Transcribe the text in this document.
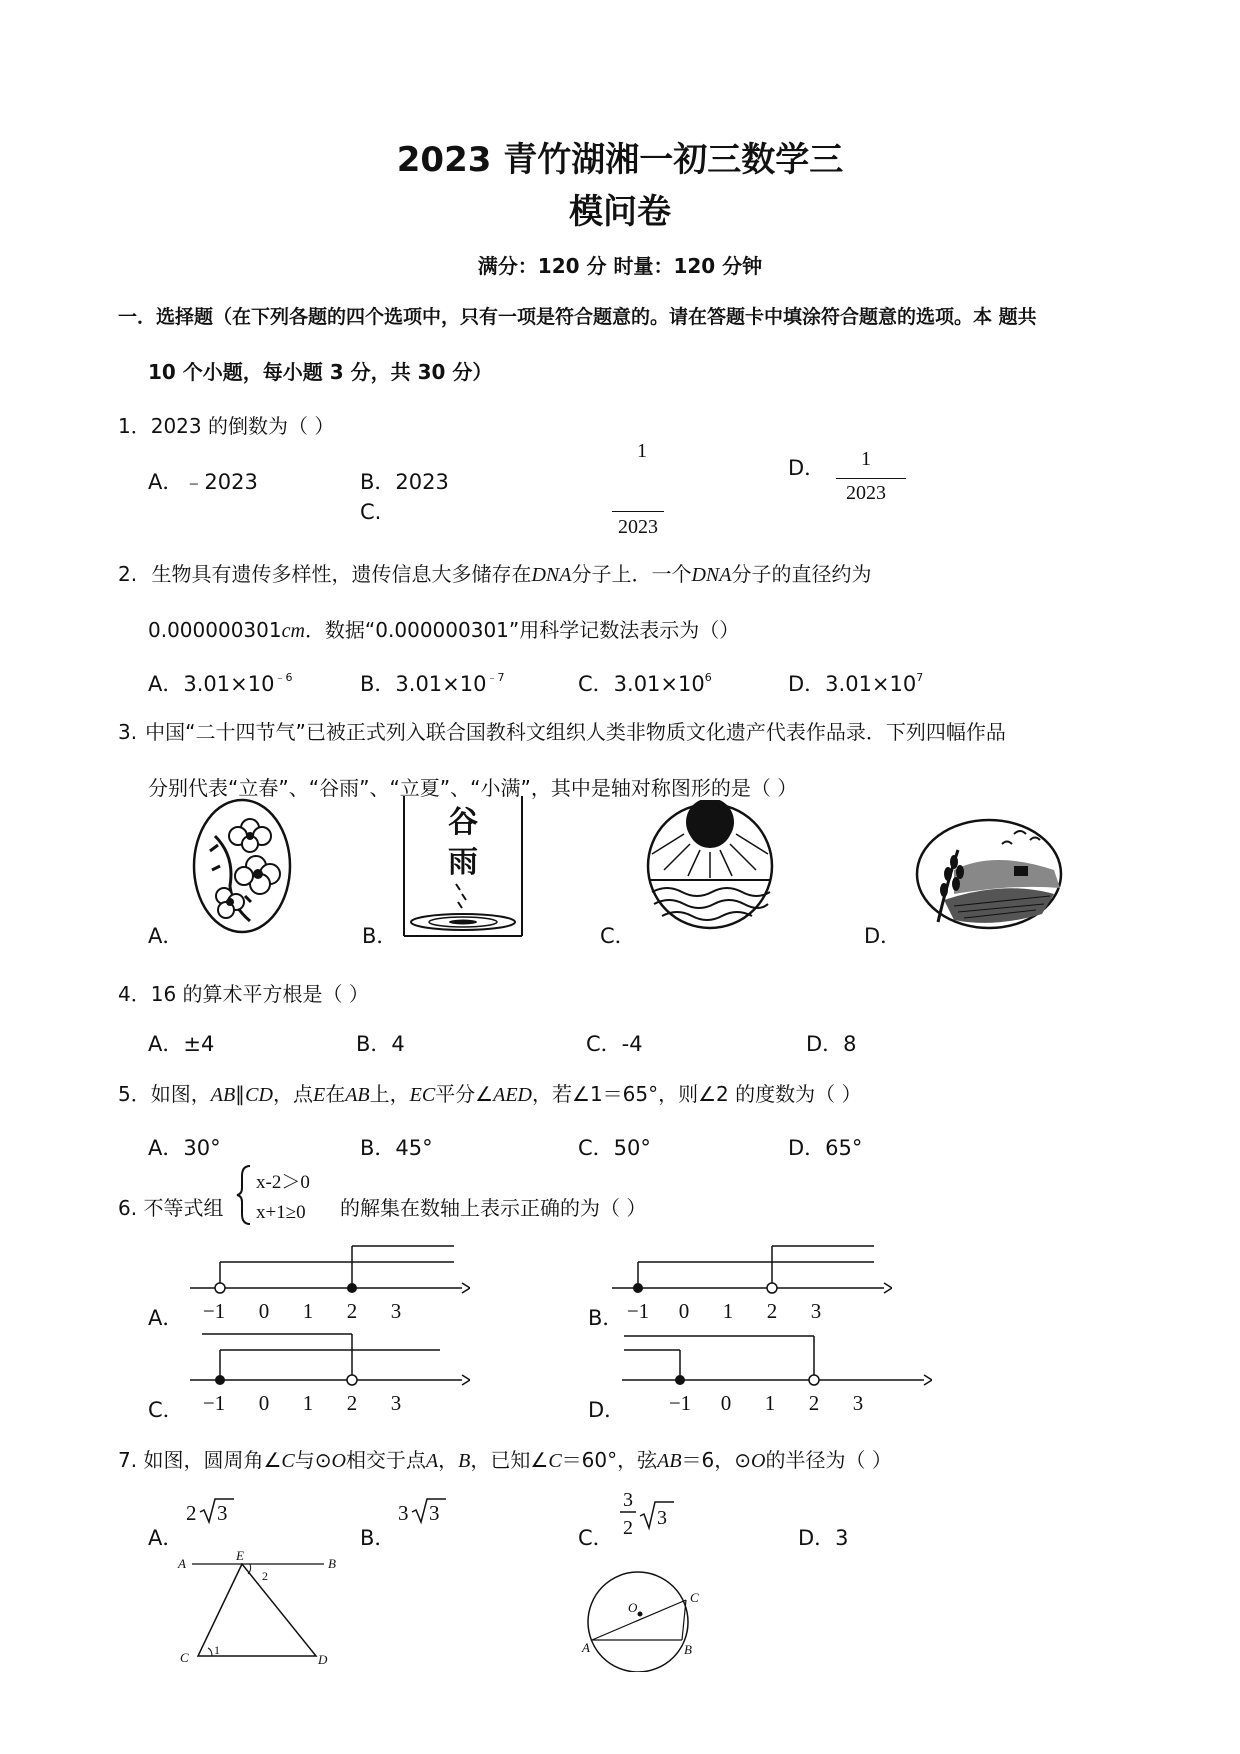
2023 青竹湖湘一初三数学三
模问卷
满分：120 分 时量：120 分钟
一．选择题（在下列各题的四个选项中，只有一项是符合题意的。请在答题卡中填涂符合题意的选项。本 题共
10 个小题，每小题 3 分，共 30 分）
1．2023 的倒数为（ ）
A．﹣2023	B．2023
C.
1
2023
D．	1
2023
2. 生物具有遗传多样性，遗传信息大多储存在DNA分子上．一个DNA分子的直径约为
0.000000301cm．数据“0.000000301”用科学记数法表示为（）
A．$3.01\times 10^{﹣6}$	B．$3.01\times 10^{﹣7}$	C．$3.01\times 10^6$	D．$3.01\times 10^7$
3. 中国“二十四节气”已被正式列入联合国教科文组织人类非物质文化遗产代表作品录．下列四幅作品
分别代表“立春”、“谷雨”、“立夏”、“小满”，其中是轴对称图形的是（ ）
A．	B．
谷
雨
C．	D．
4．16 的算术平方根是（ ）
A．±4	B．4	C．-4	D．8
5．如图，AB∥CD，点E在AB上，EC平分∠AED，若∠1＝65°，则∠2 的度数为（ ）
A．30°	B．45°	C．50°	D．65°
6. 不等式组
x-2＞0
x+1≥0 的解集在数轴上表示正确的为（ ）
A． −1 0 1 2 3	B． −1 0 1 2 3
C． −1 0 1 2 3	D． −1 0 1 2 3
7. 如图，圆周角∠C与⊙O相交于点A，B，已知∠C＝60°，弦AB＝6，⊙O的半径为（ ）
A．
2 3
B．
3 3
C．
3
2 3
D．3
A
E
B
C	D
2
1
O
C
A	B
